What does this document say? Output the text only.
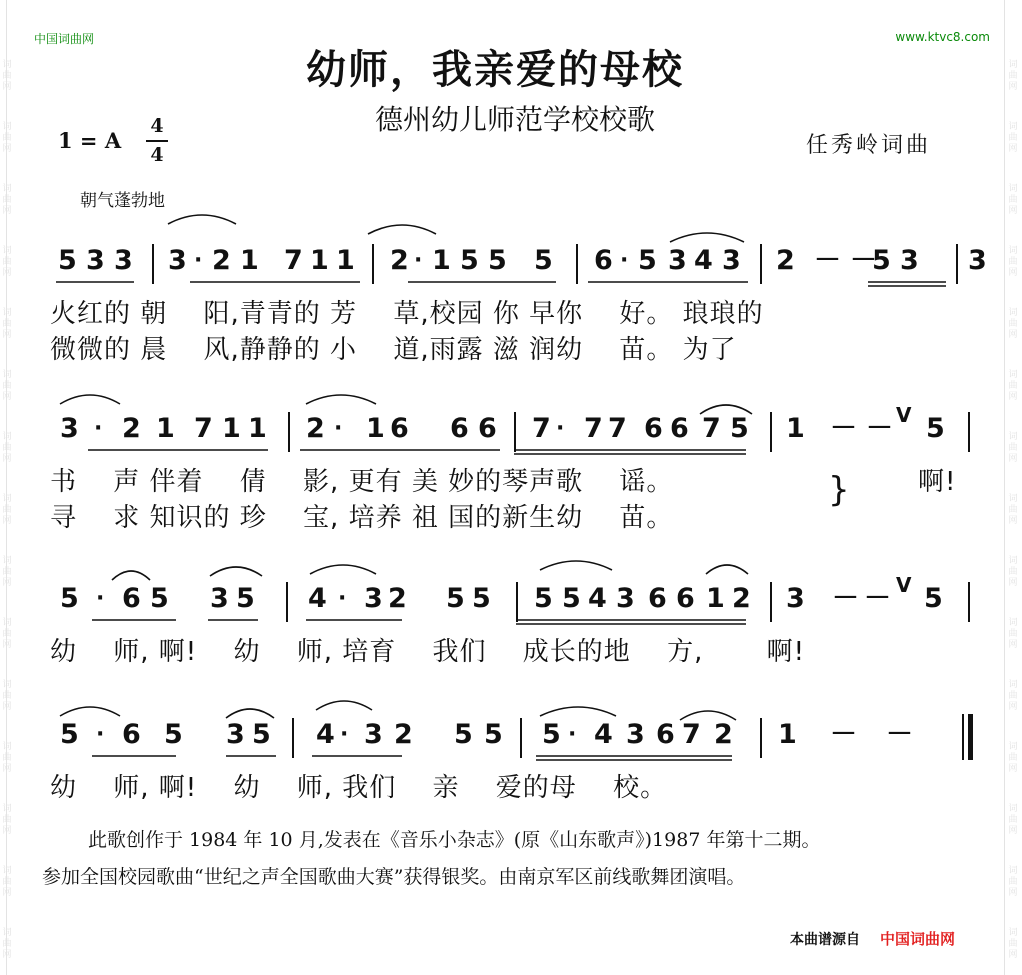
词
曲
网
词
曲
网
词
曲
网
词
曲
网
词
曲
网
词
曲
网
词
曲
网
词
曲
网
词
曲
网
词
曲
网
词
曲
网
词
曲
网
词
曲
网
词
曲
网
词
曲
网
词
曲
网
词
曲
网
词
曲
网
词
曲
网
词
曲
网
词
曲
网
词
曲
网
词
曲
网
词
曲
网
词
曲
网
词
曲
网
词
曲
网
词
曲
网
词
曲
网
词
曲
网
中国词曲网	www.ktvc8.com
幼师，我亲爱的母校
德州幼儿师范学校校歌
1 = A
4
4	任秀岭词曲
朝气蓬勃地
5 3 3 3 · 2 1 7 1 1 2 · 1 5 5 5 6 · 5 3 4 3 2 － －
5 3 3
3 · 2 1 7 1 1 2 · 1 6 6 6 7 · 7 7 6 6 7 5 1 － － V 5
5 · 6 5 3 5 4 · 3 2 5 5 5 5 4 3 6 6 1 2 3 － － V 5
5 · 6 5 3 5 4 · 3 2 5 5 5 · 4 3 6 7 2 1 － －
火红的 朝　 阳,青青的 芳　 草,校园 你 早你　 好。 琅琅的
微微的 晨　 风,静静的 小　 道,雨露 滋 润幼　 苗。 为了
书　 声 伴着　 倩　 影, 更有 美 妙的琴声歌　 谣。
寻　 求 知识的 珍　 宝, 培养 祖 国的新生幼　 苗。
}	啊!
幼　 师, 啊!　 幼　 师, 培育　 我们　 成长的地　 方,　　 啊!
幼　 师, 啊!　 幼　 师, 我们　 亲　 爱的母　 校。
此歌创作于 1984 年 10 月,发表在《音乐小杂志》(原《山东歌声》)1987 年第十二期。
参加全国校园歌曲“世纪之声全国歌曲大赛”获得银奖。由南京军区前线歌舞团演唱。
本曲谱源自 中国词曲网
